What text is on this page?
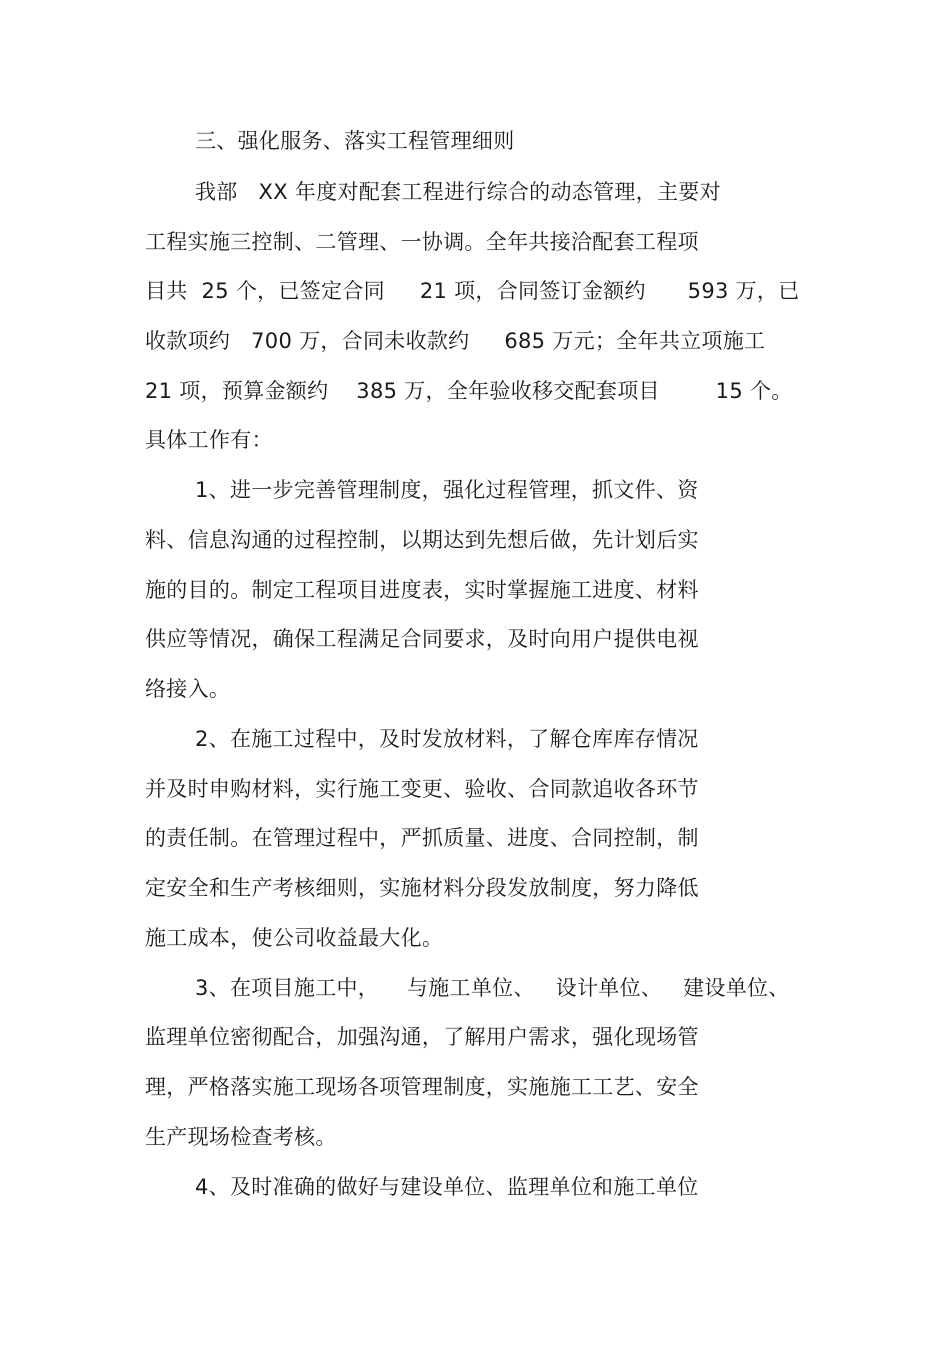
三、强化服务、落实工程管理细则
我部   XX 年度对配套工程进行综合的动态管理，主要对
工程实施三控制、二管理、一协调。全年共接洽配套工程项
目共  25 个，已签定合同     21 项，合同签订金额约      593 万，已
收款项约   700 万，合同未收款约     685 万元；全年共立项施工
21 项，预算金额约    385 万，全年验收移交配套项目        15 个。
具体工作有：
1、进一步完善管理制度，强化过程管理，抓文件、资
料、信息沟通的过程控制，以期达到先想后做，先计划后实
施的目的。制定工程项目进度表，实时掌握施工进度、材料
供应等情况，确保工程满足合同要求，及时向用户提供电视
络接入。
2、在施工过程中，及时发放材料，了解仓库库存情况
并及时申购材料，实行施工变更、验收、合同款追收各环节
的责任制。在管理过程中，严抓质量、进度、合同控制，制
定安全和生产考核细则，实施材料分段发放制度，努力降低
施工成本，使公司收益最大化。
3、在项目施工中，    与施工单位、   设计单位、   建设单位、
监理单位密彻配合，加强沟通，了解用户需求，强化现场管
理，严格落实施工现场各项管理制度，实施施工工艺、安全
生产现场检查考核。
4、及时准确的做好与建设单位、监理单位和施工单位
